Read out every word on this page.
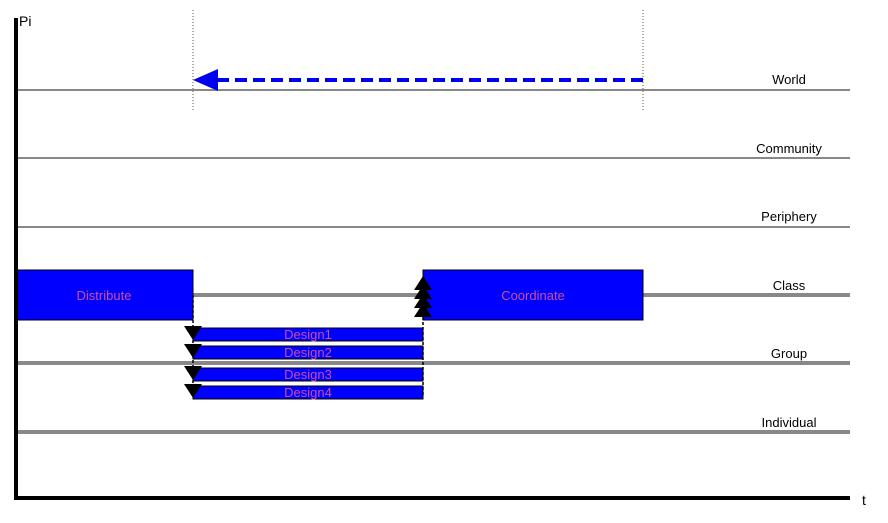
World
Community
Periphery
Class
Group
Individual
Distribute	Coordinate
Design1
Design2
Design3
Design4
Pi
t
